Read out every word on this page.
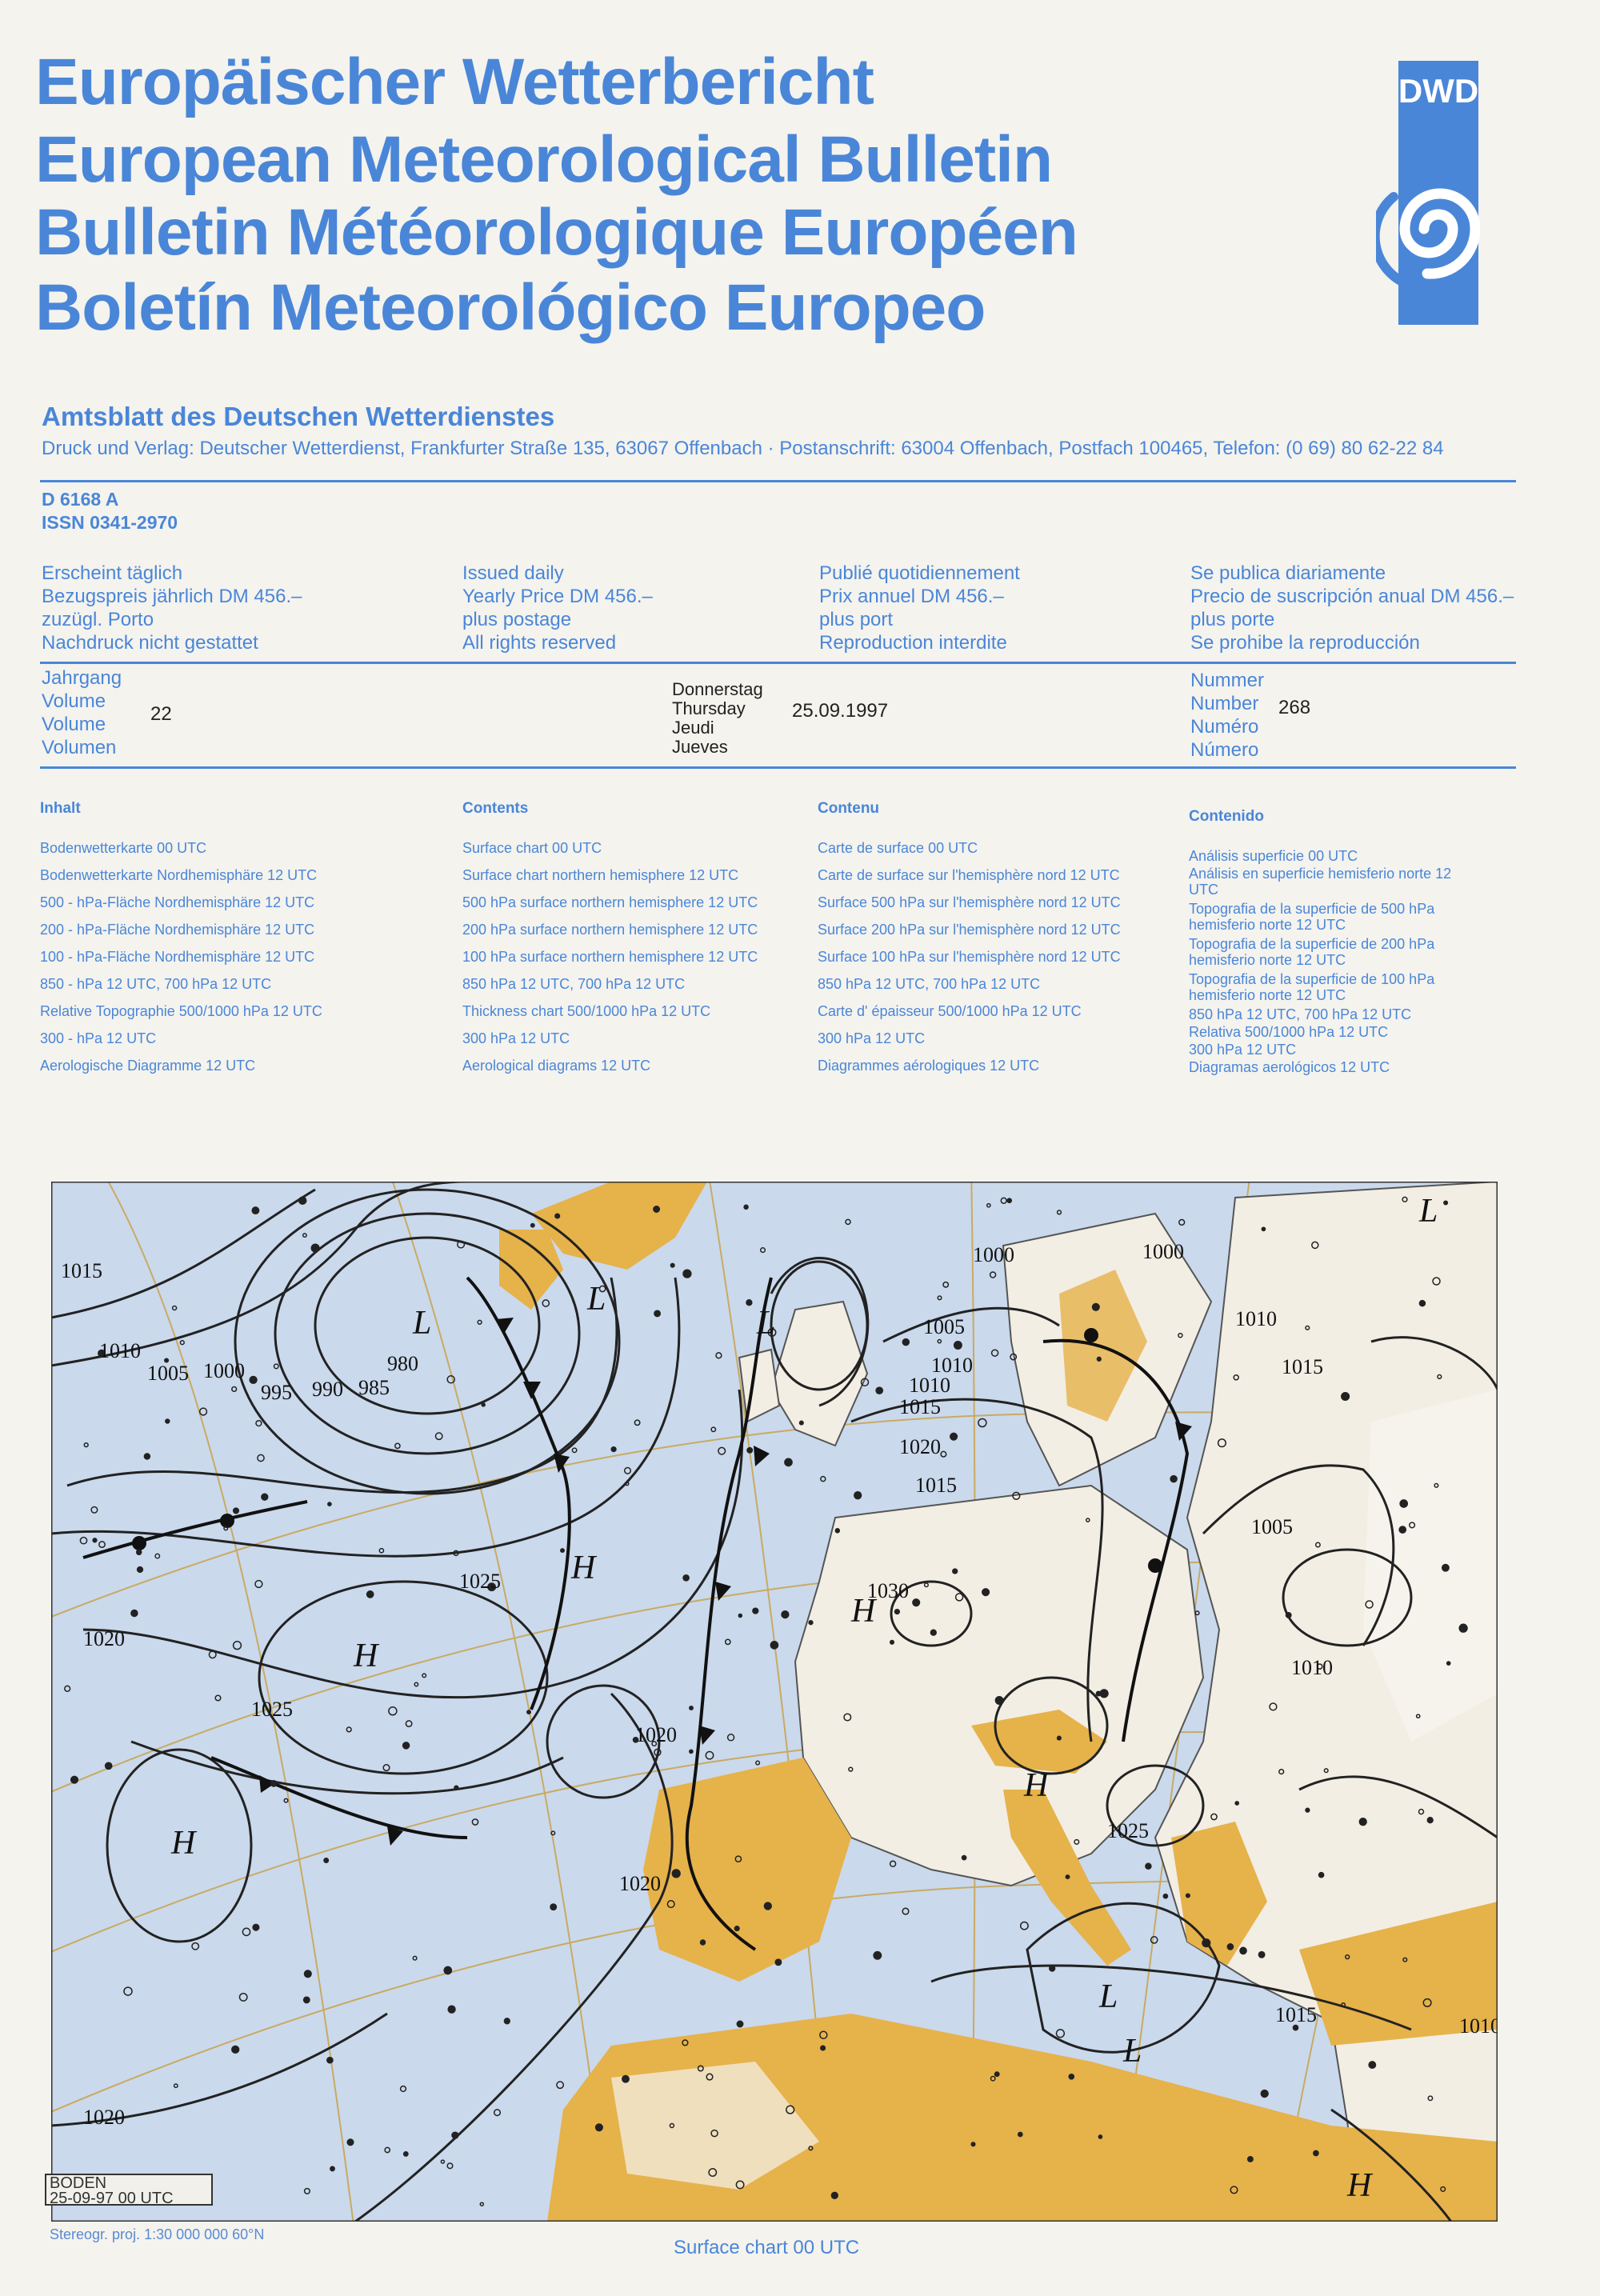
Europäischer Wetterbericht
European Meteorological Bulletin
Bulletin Météorologique Européen
Boletín Meteorológico Europeo
DWD
Amtsblatt des Deutschen Wetterdienstes
Druck und Verlag: Deutscher Wetterdienst, Frankfurter Straße 135, 63067 Offenbach · Postanschrift: 63004 Offenbach, Postfach 100465, Telefon: (0 69) 80 62-22 84
D 6168 A
ISSN 0341-2970
Erscheint täglich
Bezugspreis jährlich DM 456.–
zuzügl. Porto
Nachdruck nicht gestattet
Issued daily
Yearly Price DM 456.–
plus postage
All rights reserved
Publié quotidiennement
Prix annuel DM 456.–
plus port
Reproduction interdite
Se publica diariamente
Precio de suscripción anual DM 456.–
plus porte
Se prohibe la reproducción
Jahrgang
Volume
Volume
Volumen
22
Donnerstag
Thursday
Jeudi
Jueves
25.09.1997
Nummer
Number
Numéro
Número
268
Inhalt
Bodenwetterkarte 00 UTC
Bodenwetterkarte Nordhemisphäre 12 UTC
500 - hPa-Fläche Nordhemisphäre 12 UTC
200 - hPa-Fläche Nordhemisphäre 12 UTC
100 - hPa-Fläche Nordhemisphäre 12 UTC
850 - hPa 12 UTC, 700 hPa 12 UTC
Relative Topographie 500/1000 hPa 12 UTC
300 - hPa 12 UTC
Aerologische Diagramme 12 UTC
Contents
Surface chart 00 UTC
Surface chart northern hemisphere 12 UTC
500 hPa surface northern hemisphere 12 UTC
200 hPa surface northern hemisphere 12 UTC
100 hPa surface northern hemisphere 12 UTC
850 hPa 12 UTC, 700 hPa 12 UTC
Thickness chart 500/1000 hPa 12 UTC
300 hPa 12 UTC
Aerological diagrams 12 UTC
Contenu
Carte de surface 00 UTC
Carte de surface sur l'hemisphère nord 12 UTC
Surface 500 hPa sur l'hemisphère nord 12 UTC
Surface 200 hPa sur l'hemisphère nord 12 UTC
Surface 100 hPa sur l'hemisphère nord 12 UTC
850 hPa 12 UTC, 700 hPa 12 UTC
Carte d' épaisseur 500/1000 hPa 12 UTC
300 hPa 12 UTC
Diagrammes aérologiques 12 UTC
Contenido
Análisis superficie 00 UTC
Análisis en superficie hemisferio norte 12 UTC
Topografia de la superficie de 500 hPa hemisferio norte 12 UTC
Topografia de la superficie de 200 hPa hemisferio norte 12 UTC
Topografia de la superficie de 100 hPa hemisferio norte 12 UTC
850 hPa 12 UTC, 700 hPa 12 UTC
Relativa 500/1000 hPa 12 UTC
300 hPa 12 UTC
Diagramas aerológicos 12 UTC
1015
1010
1005 1000
995 990 985
980
1020
1025
1030
1020
1025
1020
1020
1015
1010
1005
1000
1015
1010
1020
1025
1015
1010
1005
1000
1010
1015
1010
L
L
L
L
H
H
H
H
L
H
L
H
BODEN
25-09-97 00 UTC
Stereogr. proj. 1:30 000 000 60°N
Surface chart 00 UTC
